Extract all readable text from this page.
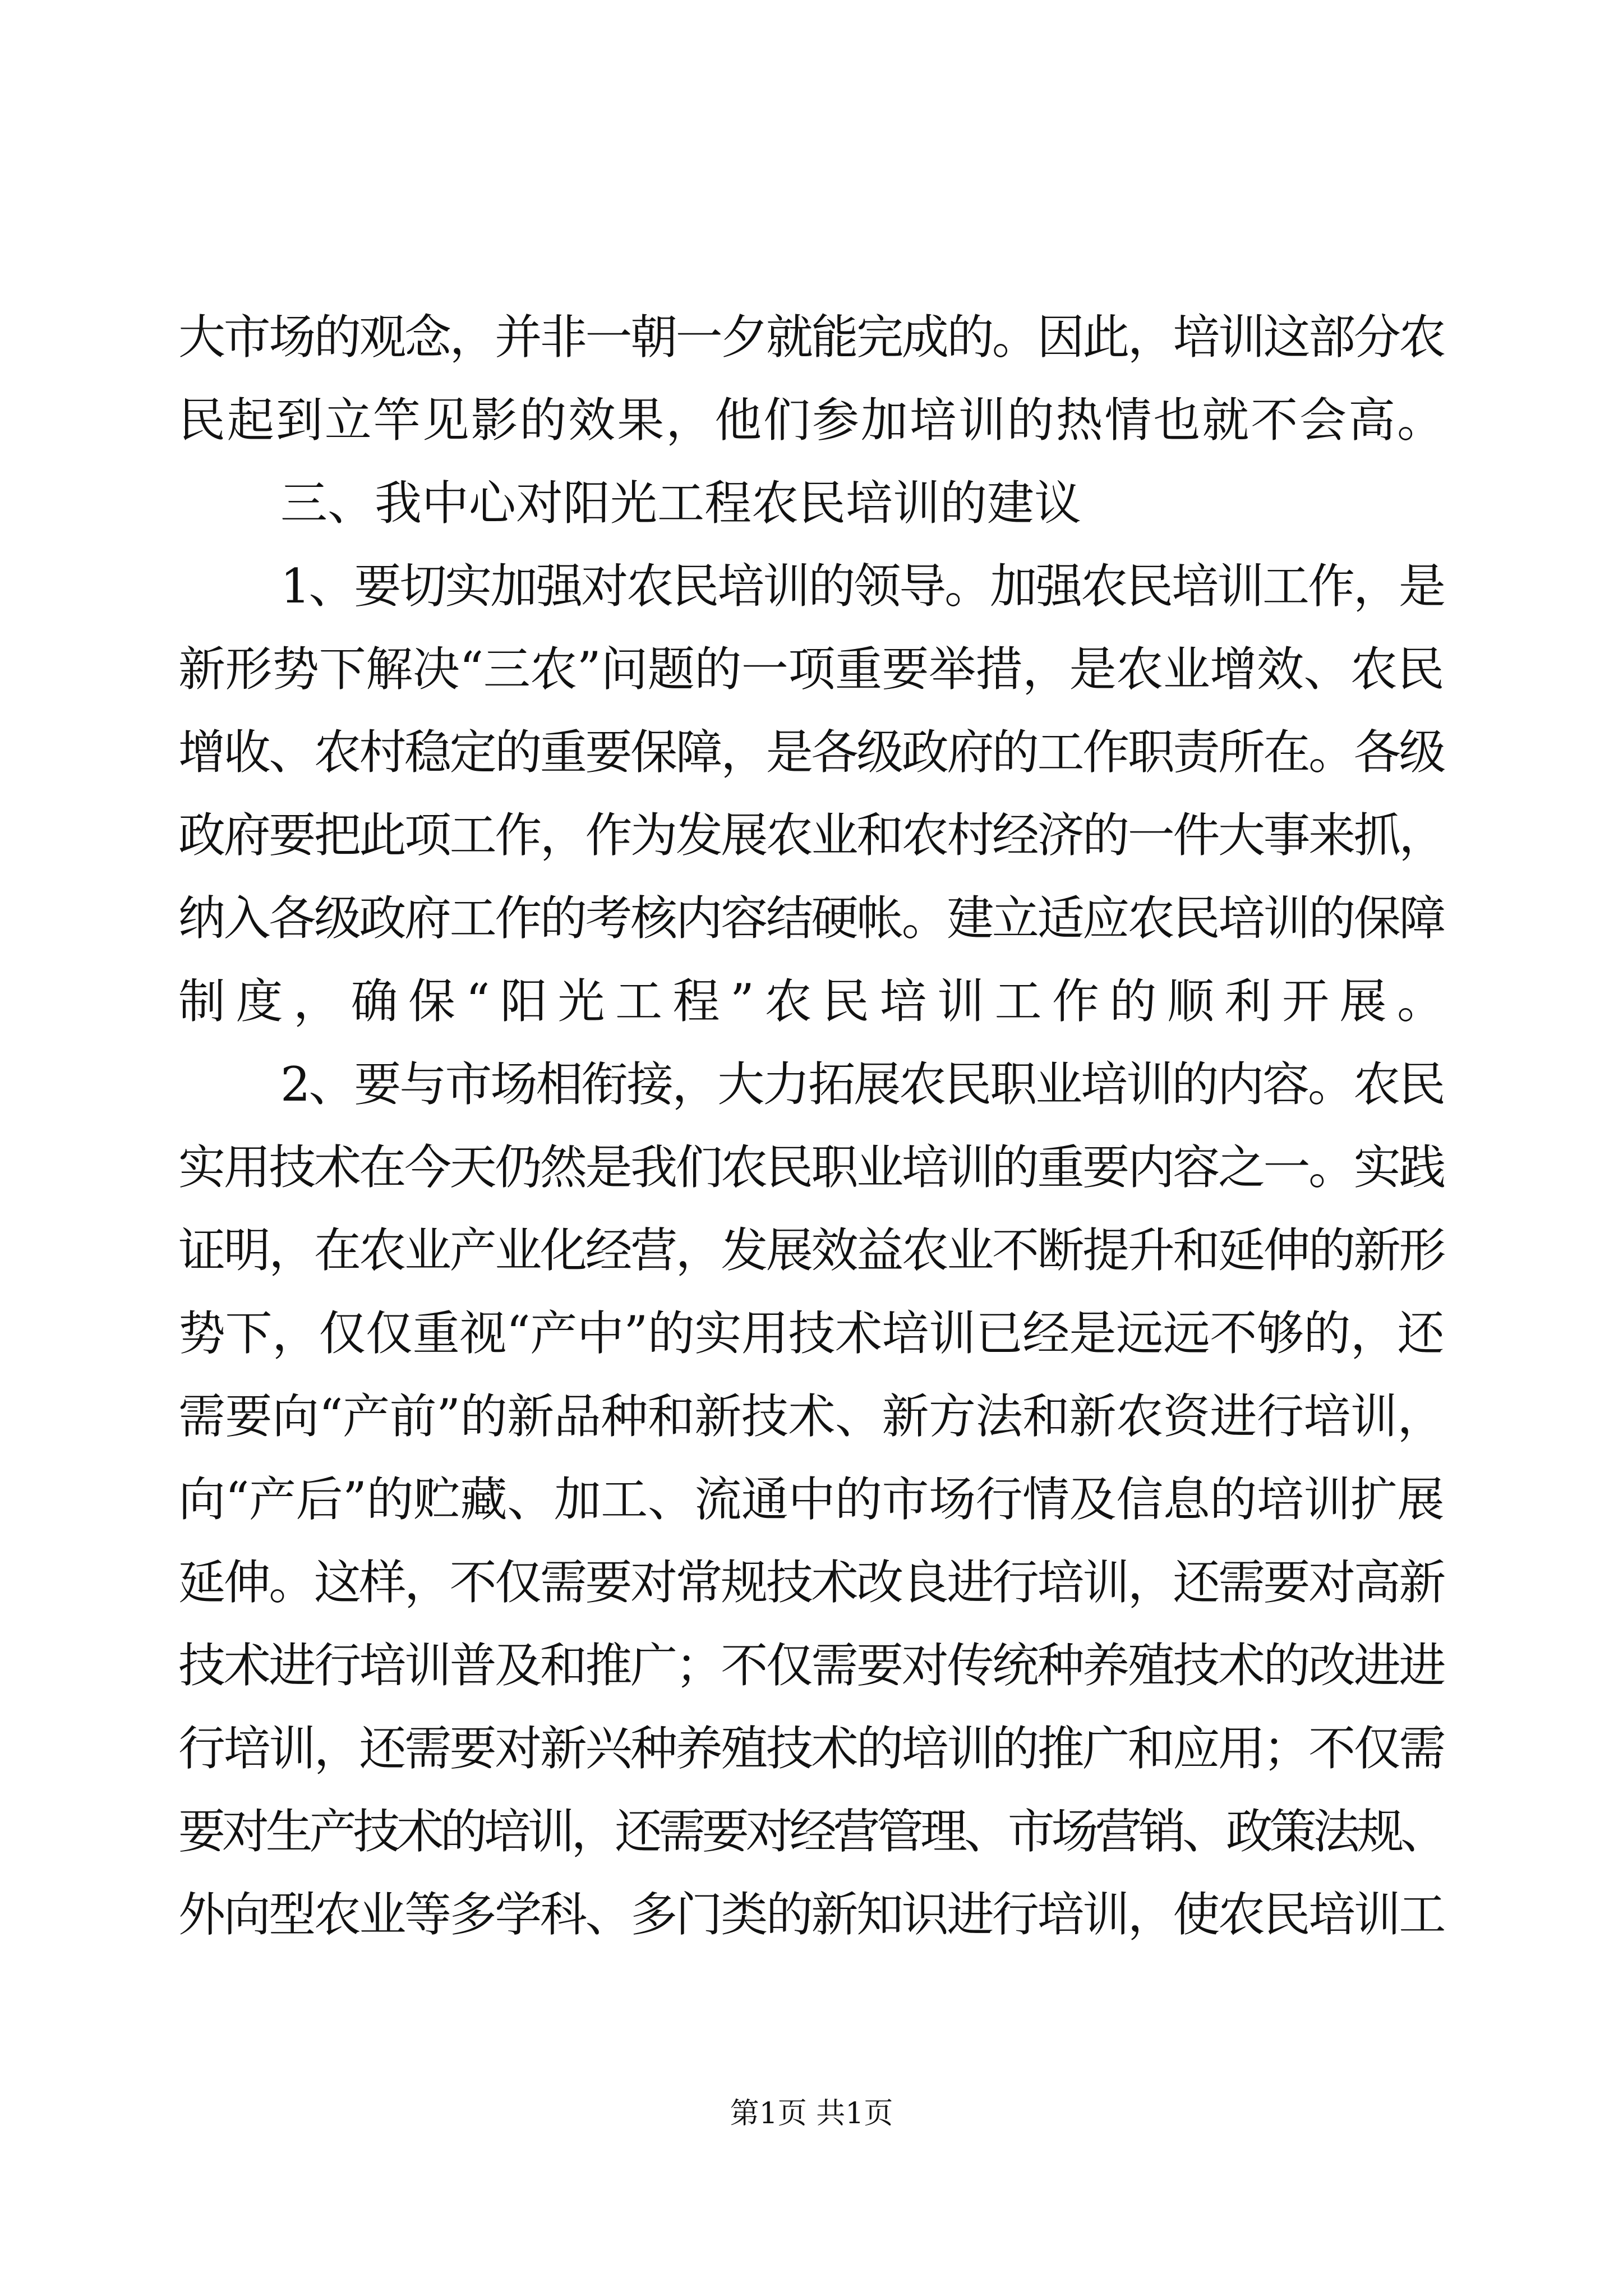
大市场的观念，并非一朝一夕就能完成的。因此，培训这部分农
民起到立竿见影的效果，他们参加培训的热情也就不会高。
三、我中心对阳光工程农民培训的建议
1、要切实加强对农民培训的领导。加强农民培训工作，是
新形势下解决“三农”问题的一项重要举措，是农业增效、农民
增收、农村稳定的重要保障，是各级政府的工作职责所在。各级
政府要把此项工作，作为发展农业和农村经济的一件大事来抓，
纳入各级政府工作的考核内容结硬帐。建立适应农民培训的保障
制度，确保“阳光工程”农民培训工作的顺利开展。
2、要与市场相衔接，大力拓展农民职业培训的内容。农民
实用技术在今天仍然是我们农民职业培训的重要内容之一。实践
证明，在农业产业化经营，发展效益农业不断提升和延伸的新形
势下，仅仅重视“产中”的实用技术培训已经是远远不够的，还
需要向“产前”的新品种和新技术、新方法和新农资进行培训，
向“产后”的贮藏、加工、流通中的市场行情及信息的培训扩展
延伸。这样，不仅需要对常规技术改良进行培训，还需要对高新
技术进行培训普及和推广；不仅需要对传统种养殖技术的改进进
行培训，还需要对新兴种养殖技术的培训的推广和应用；不仅需
要对生产技术的培训，还需要对经营管理、市场营销、政策法规、
外向型农业等多学科、多门类的新知识进行培训，使农民培训工
第1页 共1页
